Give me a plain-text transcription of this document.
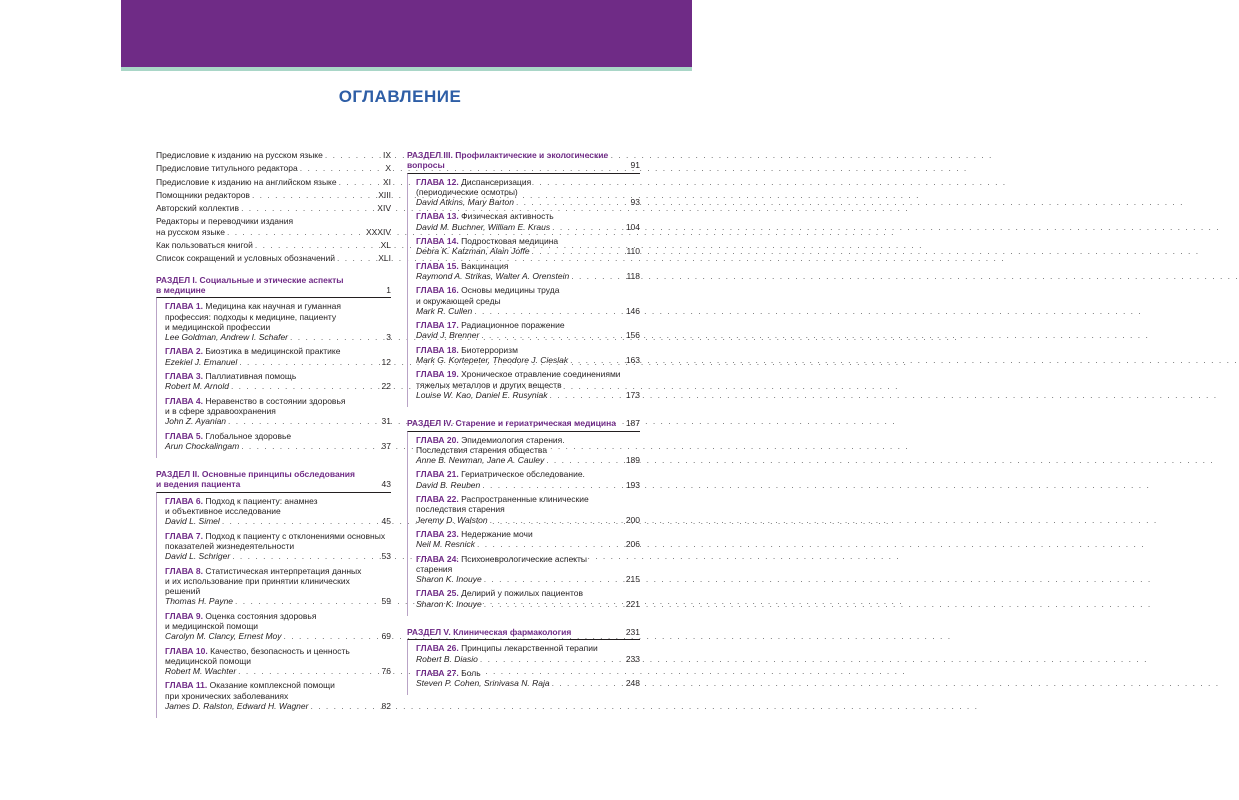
ОГЛАВЛЕНИЕ
Предисловие к изданию на русском языке . . .	IX
Предисловие титульного редактора . . .	X
Предисловие к изданию на английском языке . . .	XI
Помощники редакторов . . .	XIII
Авторский коллектив . . .	XIV
Редакторы и переводчики издания
на русском языке . . .	XXXIV
Как пользоваться книгой . . .	XL
Список сокращений и условных обозначений . . .	XLI
РАЗДЕЛ I. Социальные и этические аспекты
в медицине	1
ГЛАВА 1. Медицина как научная и гуманная
профессия: подходы к медицине, пациенту
и медицинской профессии
Lee Goldman, Andrew I. Schafer . . .	3
ГЛАВА 2. Биоэтика в медицинской практике
Ezekiel J. Emanuel . . .	12
ГЛАВА 3. Паллиативная помощь
Robert M. Arnold . . .	22
ГЛАВА 4. Неравенство в состоянии здоровья
и в сфере здравоохранения
John Z. Ayanian . . .	31
ГЛАВА 5. Глобальное здоровье
Arun Chockalingam . . .	37
РАЗДЕЛ II. Основные принципы обследования
и ведения пациента	43
ГЛАВА 6. Подход к пациенту: анамнез
и объективное исследование
David L. Simel . . .	45
ГЛАВА 7. Подход к пациенту с отклонениями основных
показателей жизнедеятельности
David L. Schriger . . .	53
ГЛАВА 8. Статистическая интерпретация данных
и их использование при принятии клинических
решений
Thomas H. Payne . . .	59
ГЛАВА 9. Оценка состояния здоровья
и медицинской помощи
Carolyn M. Clancy, Ernest Moy . . .	69
ГЛАВА 10. Качество, безопасность и ценность
медицинской помощи
Robert M. Wachter . . .	76
ГЛАВА 11. Оказание комплексной помощи
при хронических заболеваниях
James D. Ralston, Edward H. Wagner . . .	82
РАЗДЕЛ III. Профилактические и экологические
вопросы	91
ГЛАВА 12. Диспансеризация
(периодические осмотры)
David Atkins, Mary Barton . . .	93
ГЛАВА 13. Физическая активность
David M. Buchner, William E. Kraus . . .	104
ГЛАВА 14. Подростковая медицина
Debra K. Katzman, Alain Joffe . . .	110
ГЛАВА 15. Вакцинация
Raymond A. Strikas, Walter A. Orenstein . . .	118
ГЛАВА 16. Основы медицины труда
и окружающей среды
Mark R. Cullen . . .	146
ГЛАВА 17. Радиационное поражение
David J. Brenner . . .	156
ГЛАВА 18. Биотерроризм
Mark G. Kortepeter, Theodore J. Cieslak . . .	163
ГЛАВА 19. Хроническое отравление соединениями
тяжелых металлов и других веществ
Louise W. Kao, Daniel E. Rusyniak . . .	173
РАЗДЕЛ IV. Старение и гериатрическая медицина 187
ГЛАВА 20. Эпидемиология старения.
Последствия старения общества
Anne B. Newman, Jane A. Cauley . . .	189
ГЛАВА 21. Гериатрическое обследование.
David B. Reuben . . .	193
ГЛАВА 22. Распространенные клинические
последствия старения
Jeremy D. Walston . . .	200
ГЛАВА 23. Недержание мочи
Neil M. Resnick . . .	206
ГЛАВА 24. Психоневрологические аспекты
старения
Sharon K. Inouye . . .	215
ГЛАВА 25. Делирий у пожилых пациентов
Sharon K. Inouye . . .	221
РАЗДЕЛ V. Клиническая фармакология	231
ГЛАВА 26. Принципы лекарственной терапии
Robert B. Diasio . . .	233
ГЛАВА 27. Боль
Steven P. Cohen, Srinivasa N. Raja . . .	248
